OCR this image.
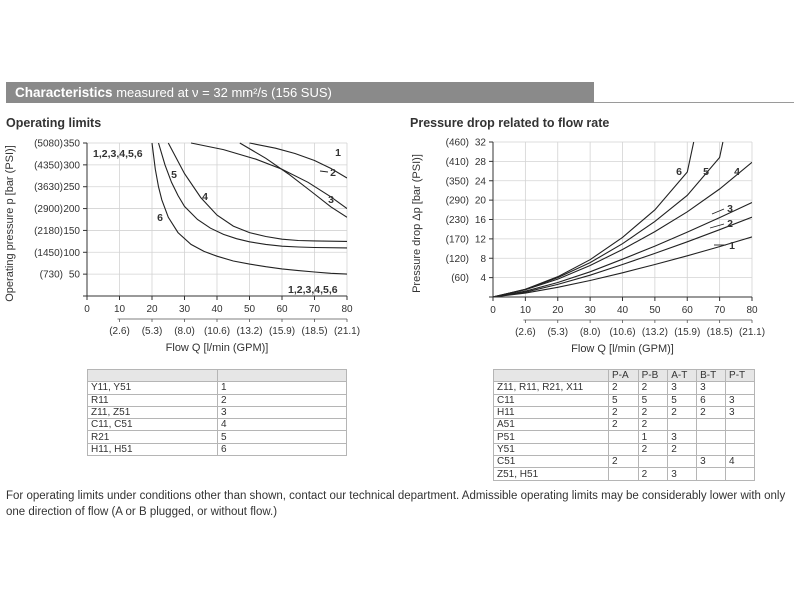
Characteristics measured at ν = 32 mm²/s (156 SUS)
Operating limits	Pressure drop related to flow rate
350
(5080)
300
(4350)
250
(3630)
200
(2900)
150
(2180)
100
(1450)
50
(730)
0 10 20 30 40 50 60 70 80
(2.6) (5.3) (8.0) (10.6) (13.2) (15.9) (18.5) (21.1)
Flow Q [l/min (GPM)]
Operating pressure p [bar (PSI)]	1,2,3,4,5,6
1,2,3,4,5,6
1
2
3
4
5
6
32
(460)
28
(410)
24
(350)
20
(290)
16
(230)
12
(170)
8
(120)
4
(60)
0 10 20 30 40 50 60 70 80
(2.6) (5.3) (8.0) (10.6) (13.2) (15.9) (18.5) (21.1)
Flow Q [l/min (GPM)]
Pressure drop Δp [bar (PSI)]	6 5 4
3
2
1

Y11, Y51	1
R11	2
Z11, Z51	3
C11, C51	4
R21	5
H11, H51	6
	P-A	P-B	A-T	B-T	P-T
Z11, R11, R21, X11	2	2	3	3	
C11	5	5	5	6	3
H11	2	2	2	2	3
A51	2	2			
P51		1	3		
Y51		2	2		
C51	2			3	4
Z51, H51		2	3		
For operating limits under conditions other than shown, contact our technical department. Admissible operating limits may be considerably lower with only one direction of flow (A or B plugged, or without flow.)
